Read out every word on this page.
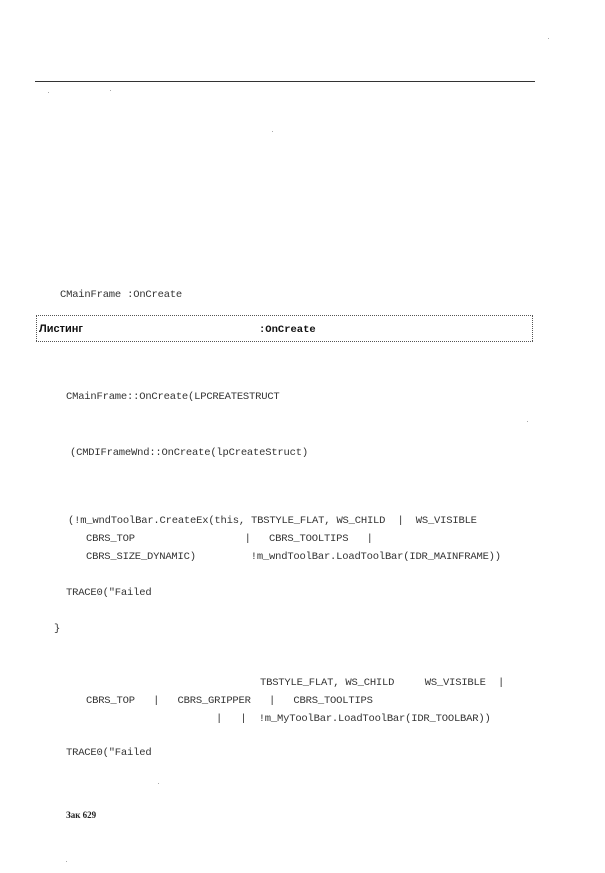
CMainFrame :OnCreate
Листинг	:OnCreate
CMainFrame::OnCreate(LPCREATESTRUCT
(CMDIFrameWnd::OnCreate(lpCreateStruct)
(!m_wndToolBar.CreateEx(this, TBSTYLE_FLAT, WS_CHILD  |  WS_VISIBLE
CBRS_TOP                  |   CBRS_TOOLTIPS   |
CBRS_SIZE_DYNAMIC)         !m_wndToolBar.LoadToolBar(IDR_MAINFRAME))
TRACE0("Failed
}
TBSTYLE_FLAT, WS_CHILD     WS_VISIBLE  |
CBRS_TOP   |   CBRS_GRIPPER   |   CBRS_TOOLTIPS
|   |  !m_MyToolBar.LoadToolBar(IDR_TOOLBAR))
TRACE0("Failed
Зак 629
